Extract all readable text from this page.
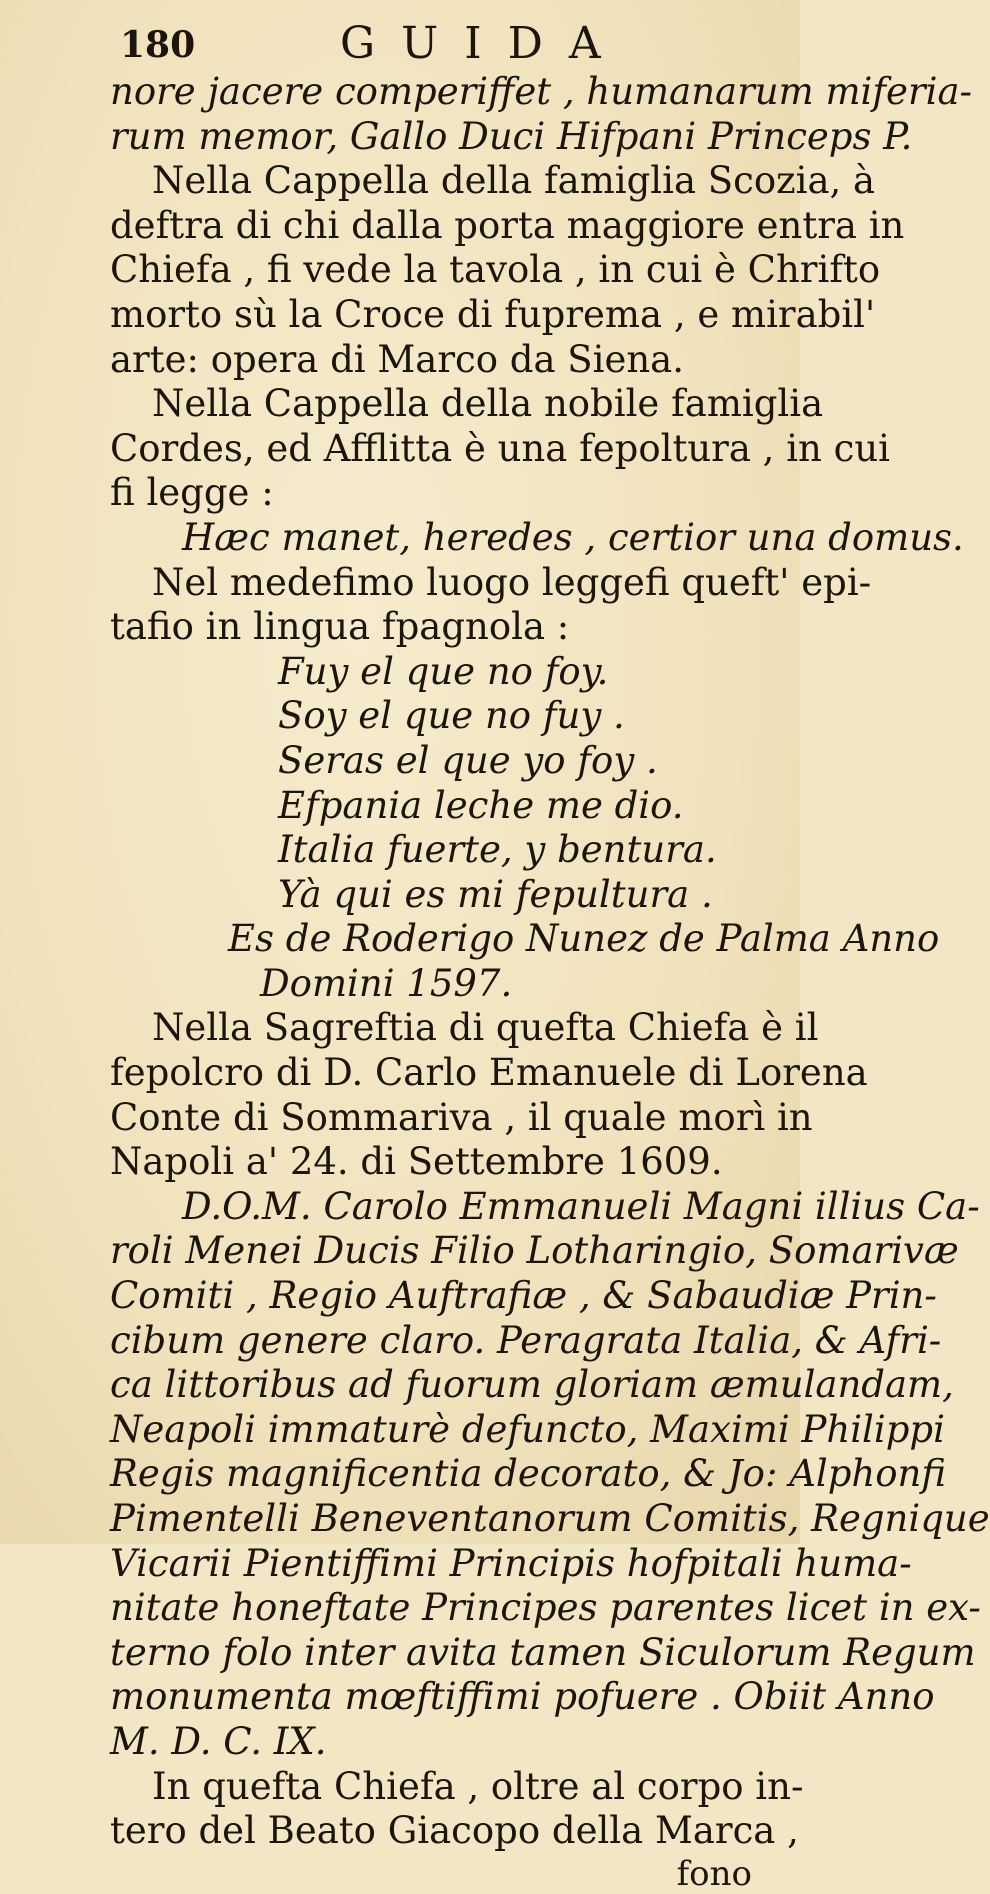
180	GUIDA
nore jacere comperiffet , humanarum miferia-
rum memor, Gallo Duci Hifpani Princeps P.
Nella Cappella della famiglia Scozia, à
deftra di chi dalla porta maggiore entra in
Chiefa , fi vede la tavola , in cui è Chrifto
morto sù la Croce di fuprema , e mirabil'
arte: opera di Marco da Siena.
Nella Cappella della nobile famiglia
Cordes, ed Afflitta è una fepoltura , in cui
fi legge :
Hæc manet, heredes , certior una domus.
Nel medefimo luogo leggefi queft' epi-
tafio in lingua fpagnola :
Fuy el que no foy.
Soy el que no fuy .
Seras el que yo foy .
Efpania leche me dio.
Italia fuerte, y bentura.
Yà qui es mi fepultura .
Es de Roderigo Nunez de Palma Anno
Domini 1597.
Nella Sagreftia di quefta Chiefa è il
fepolcro di D. Carlo Emanuele di Lorena
Conte di Sommariva , il quale morì in
Napoli a' 24. di Settembre 1609.
D.O.M. Carolo Emmanueli Magni illius Ca-
roli Menei Ducis Filio Lotharingio, Somarivæ
Comiti , Regio Auftrafiæ , & Sabaudiæ Prin-
cibum genere claro. Peragrata Italia, & Afri-
ca littoribus ad fuorum gloriam æmulandam,
Neapoli immaturè defuncto, Maximi Philippi
Regis magnificentia decorato, & Jo: Alphonfi
Pimentelli Beneventanorum Comitis, Regnique
Vicarii Pientiffimi Principis hofpitali huma-
nitate honeftate Principes parentes licet in ex-
terno folo inter avita tamen Siculorum Regum
monumenta mœftiffimi pofuere . Obiit Anno
M. D. C. IX.
In quefta Chiefa , oltre al corpo in-
tero del Beato Giacopo della Marca ,
fono
